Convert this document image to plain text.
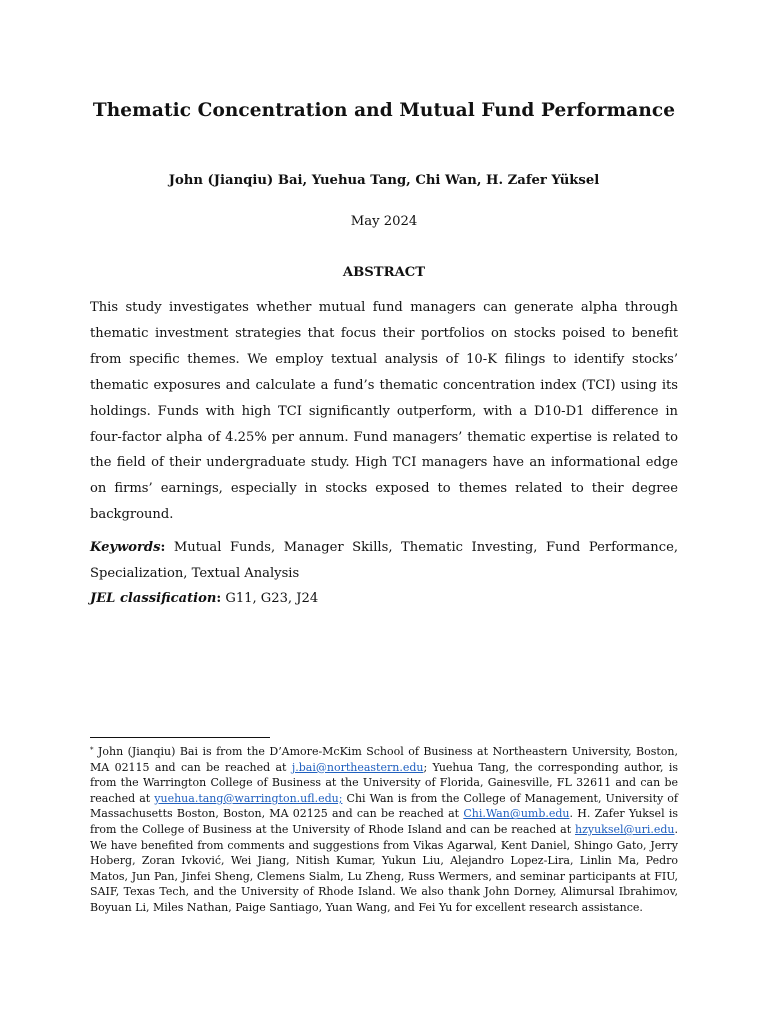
Thematic Concentration and Mutual Fund Performance
John (Jianqiu) Bai, Yuehua Tang, Chi Wan, H. Zafer Yüksel
May 2024
ABSTRACT
This study investigates whether mutual fund managers can generate alpha through thematic investment strategies that focus their portfolios on stocks poised to benefit from specific themes. We employ textual analysis of 10-K filings to identify stocks’ thematic exposures and calculate a fund’s thematic concentration index (TCI) using its holdings. Funds with high TCI significantly outperform, with a D10-D1 difference in four-factor alpha of 4.25% per annum. Fund managers’ thematic expertise is related to the field of their undergraduate study. High TCI managers have an informational edge on firms’ earnings, especially in stocks exposed to themes related to their degree background.
Keywords: Mutual Funds, Manager Skills, Thematic Investing, Fund Performance, Specialization, Textual Analysis
JEL classification: G11, G23, J24
* John (Jianqiu) Bai is from the D’Amore-McKim School of Business at Northeastern University, Boston, MA 02115 and can be reached at j.bai@northeastern.edu; Yuehua Tang, the corresponding author, is from the Warrington College of Business at the University of Florida, Gainesville, FL 32611 and can be reached at yuehua.tang@warrington.ufl.edu; Chi Wan is from the College of Management, University of Massachusetts Boston, Boston, MA 02125 and can be reached at Chi.Wan@umb.edu. H. Zafer Yuksel is from the College of Business at the University of Rhode Island and can be reached at hzyuksel@uri.edu. We have benefited from comments and suggestions from Vikas Agarwal, Kent Daniel, Shingo Gato, Jerry Hoberg, Zoran Ivković, Wei Jiang, Nitish Kumar, Yukun Liu, Alejandro Lopez-Lira, Linlin Ma, Pedro Matos, Jun Pan, Jinfei Sheng, Clemens Sialm, Lu Zheng, Russ Wermers, and seminar participants at FIU, SAIF, Texas Tech, and the University of Rhode Island. We also thank John Dorney, Alimursal Ibrahimov, Boyuan Li, Miles Nathan, Paige Santiago, Yuan Wang, and Fei Yu for excellent research assistance.
